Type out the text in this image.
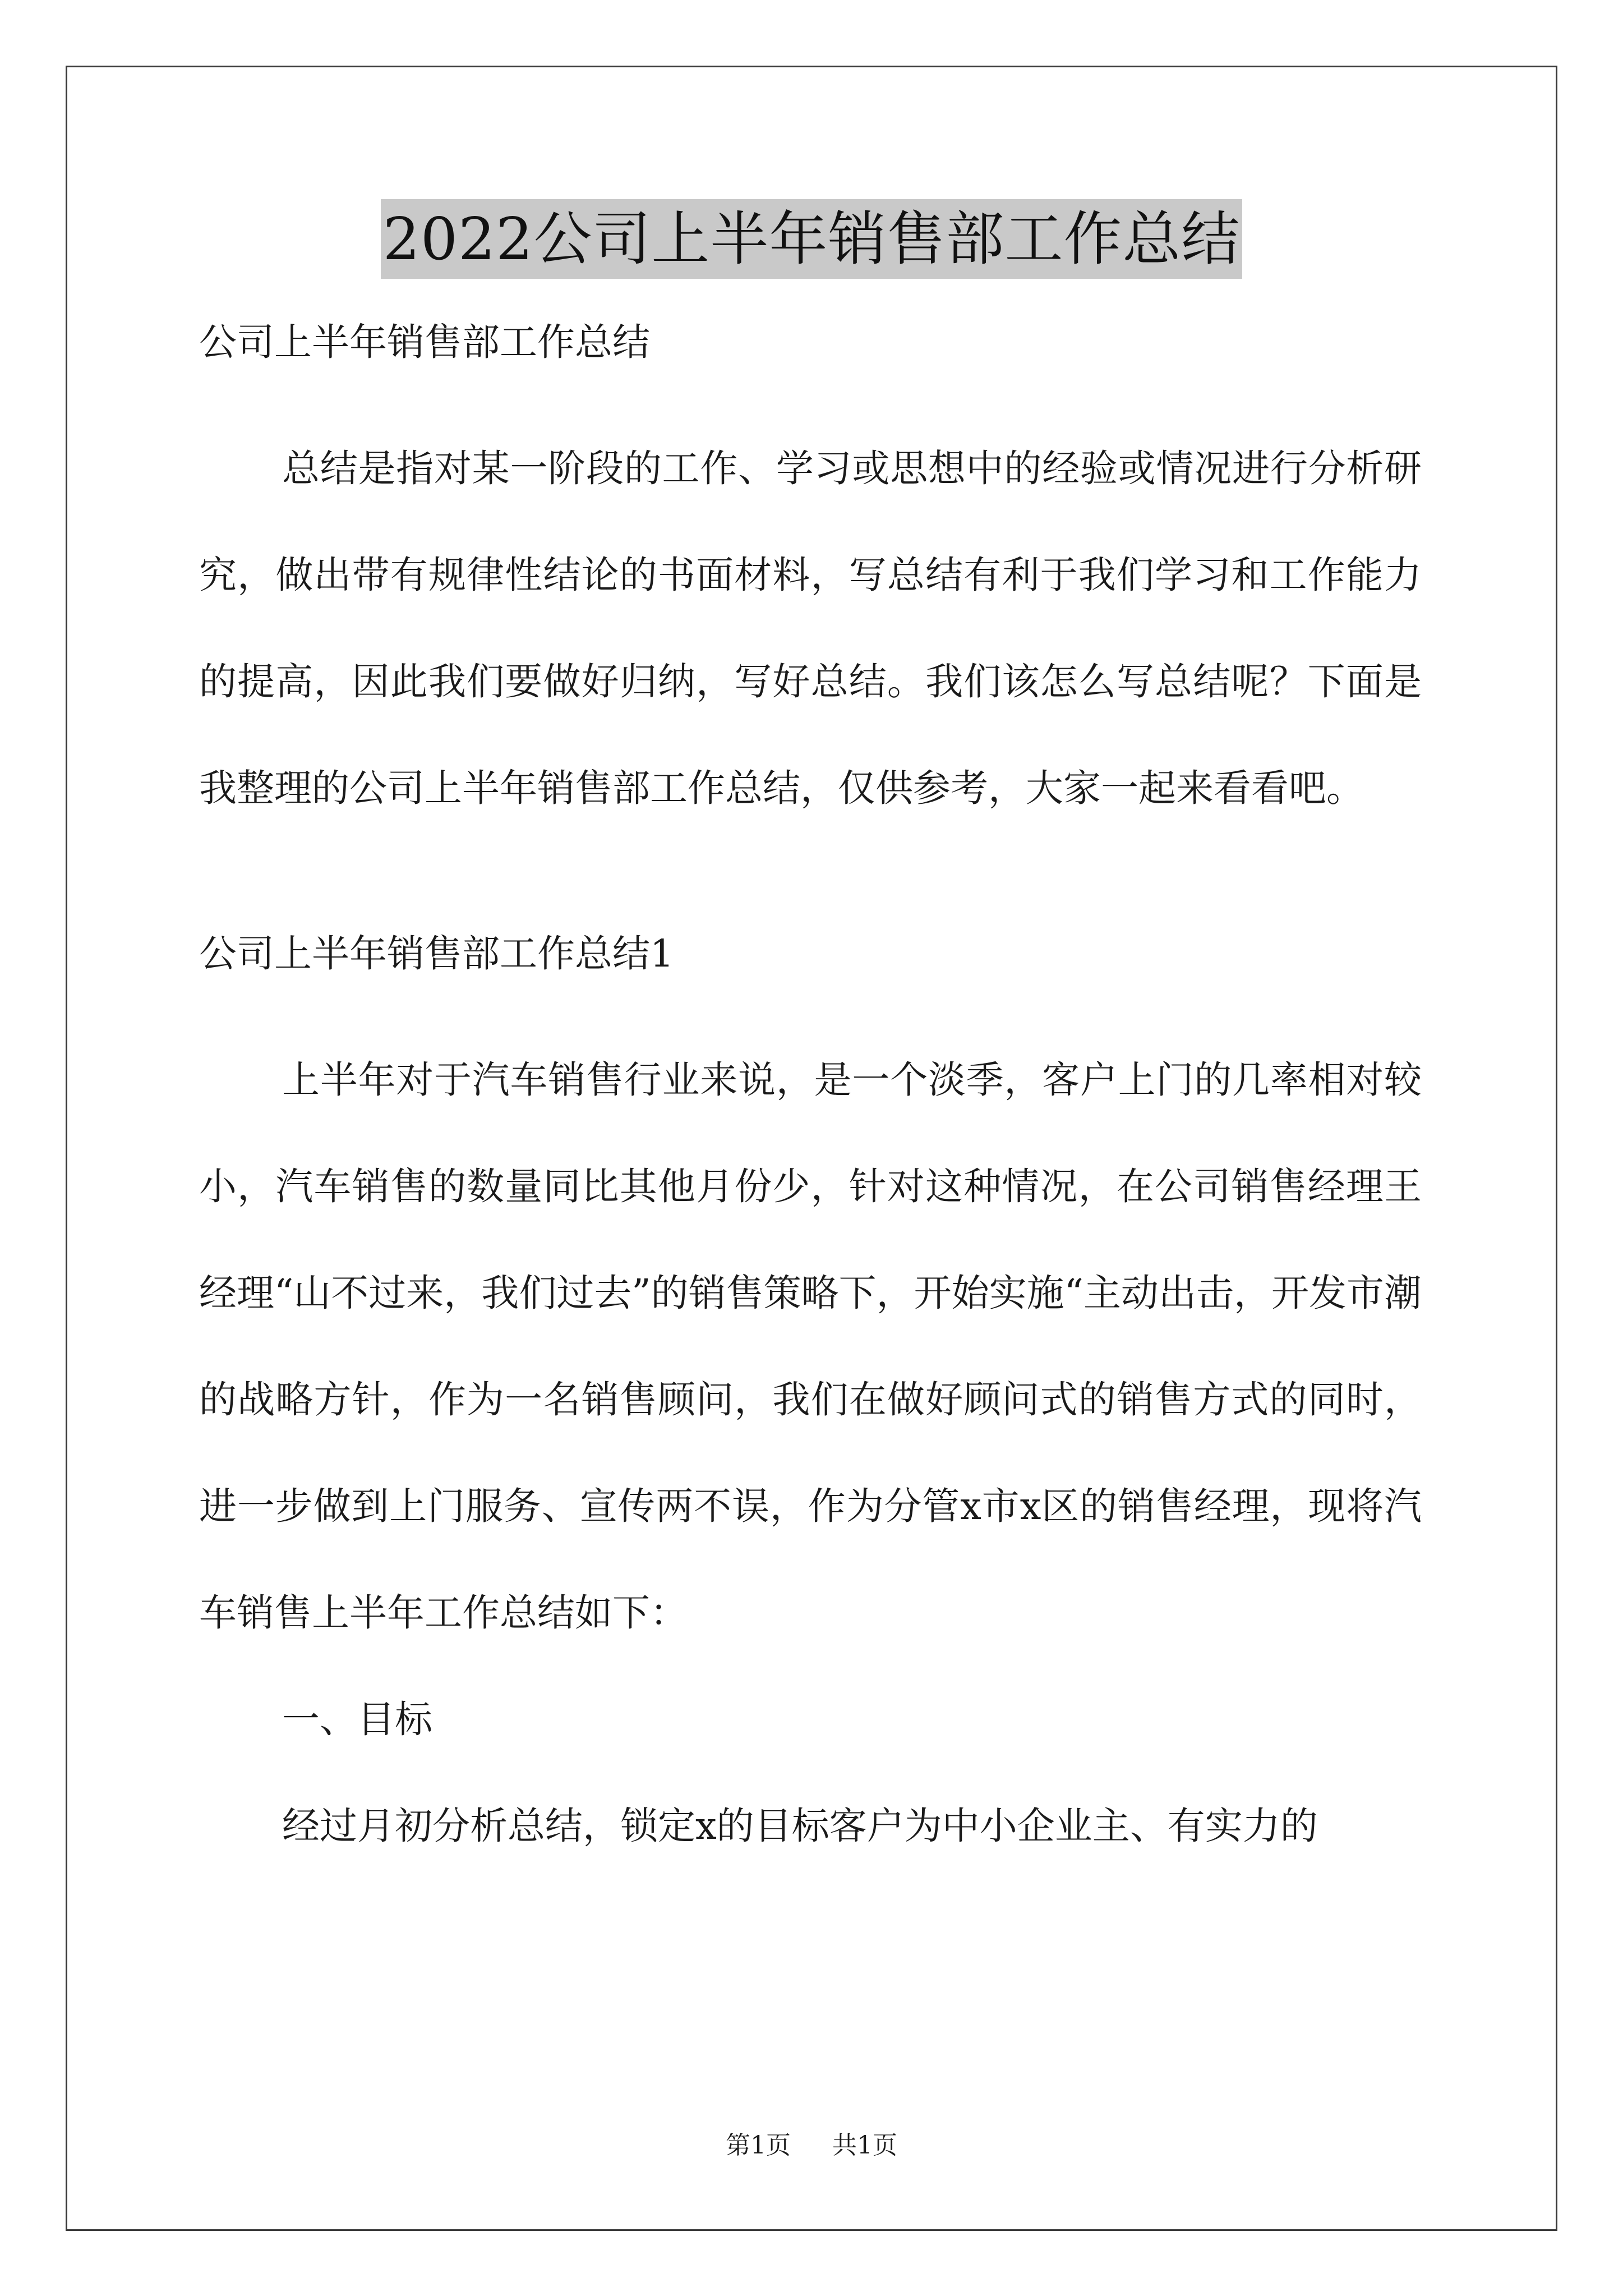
2022公司上半年销售部工作总结

公司上半年销售部工作总结

总结是指对某一阶段的工作、学习或思想中的经验或情况进行分析研究，做出带有规律性结论的书面材料，写总结有利于我们学习和工作能力的提高，因此我们要做好归纳，写好总结。我们该怎么写总结呢？下面是我整理的公司上半年销售部工作总结，仅供参考，大家一起来看看吧。

公司上半年销售部工作总结1

上半年对于汽车销售行业来说，是一个淡季，客户上门的几率相对较小，汽车销售的数量同比其他月份少，针对这种情况，在公司销售经理王经理“山不过来，我们过去”的销售策略下，开始实施“主动出击，开发市潮的战略方针，作为一名销售顾问，我们在做好顾问式的销售方式的同时，进一步做到上门服务、宣传两不误，作为分管x市x区的销售经理，现将汽车销售上半年工作总结如下：

一、目标

经过月初分析总结，锁定x的目标客户为中小企业主、有实力的

第1页 共1页
